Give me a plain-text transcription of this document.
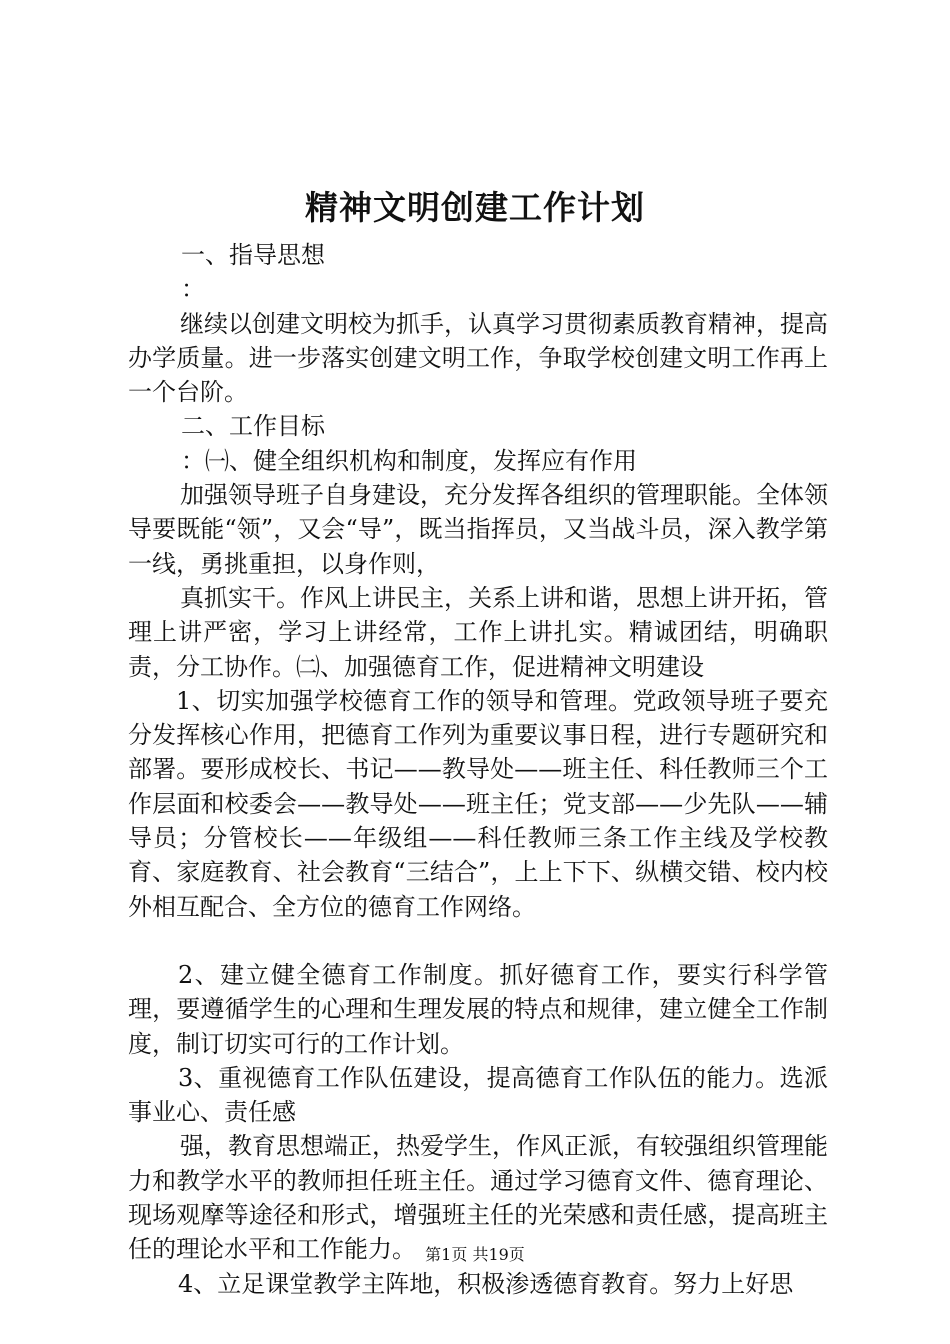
精神文明创建工作计划

一、指导思想

：

继续以创建文明校为抓手，认真学习贯彻素质教育精神，提高办学质量。进一步落实创建文明工作，争取学校创建文明工作再上一个台阶。

二、工作目标

：㈠、健全组织机构和制度，发挥应有作用

加强领导班子自身建设，充分发挥各组织的管理职能。全体领导要既能“领”，又会“导”，既当指挥员，又当战斗员，深入教学第一线，勇挑重担，以身作则，

真抓实干。作风上讲民主，关系上讲和谐，思想上讲开拓，管理上讲严密，学习上讲经常，工作上讲扎实。精诚团结，明确职责，分工协作。㈡、加强德育工作，促进精神文明建设

1、切实加强学校德育工作的领导和管理。党政领导班子要充分发挥核心作用，把德育工作列为重要议事日程，进行专题研究和部署。要形成校长、书记——教导处——班主任、科任教师三个工作层面和校委会——教导处——班主任；党支部——少先队——辅导员；分管校长——年级组——科任教师三条工作主线及学校教育、家庭教育、社会教育“三结合”，上上下下、纵横交错、校内校外相互配合、全方位的德育工作网络。

2、建立健全德育工作制度。抓好德育工作，要实行科学管理，要遵循学生的心理和生理发展的特点和规律，建立健全工作制度，制订切实可行的工作计划。

3、重视德育工作队伍建设，提高德育工作队伍的能力。选派事业心、责任感

强，教育思想端正，热爱学生，作风正派，有较强组织管理能力和教学水平的教师担任班主任。通过学习德育文件、德育理论、现场观摩等途径和形式，增强班主任的光荣感和责任感，提高班主任的理论水平和工作能力。

4、立足课堂教学主阵地，积极渗透德育教育。努力上好思

第1页 共19页
